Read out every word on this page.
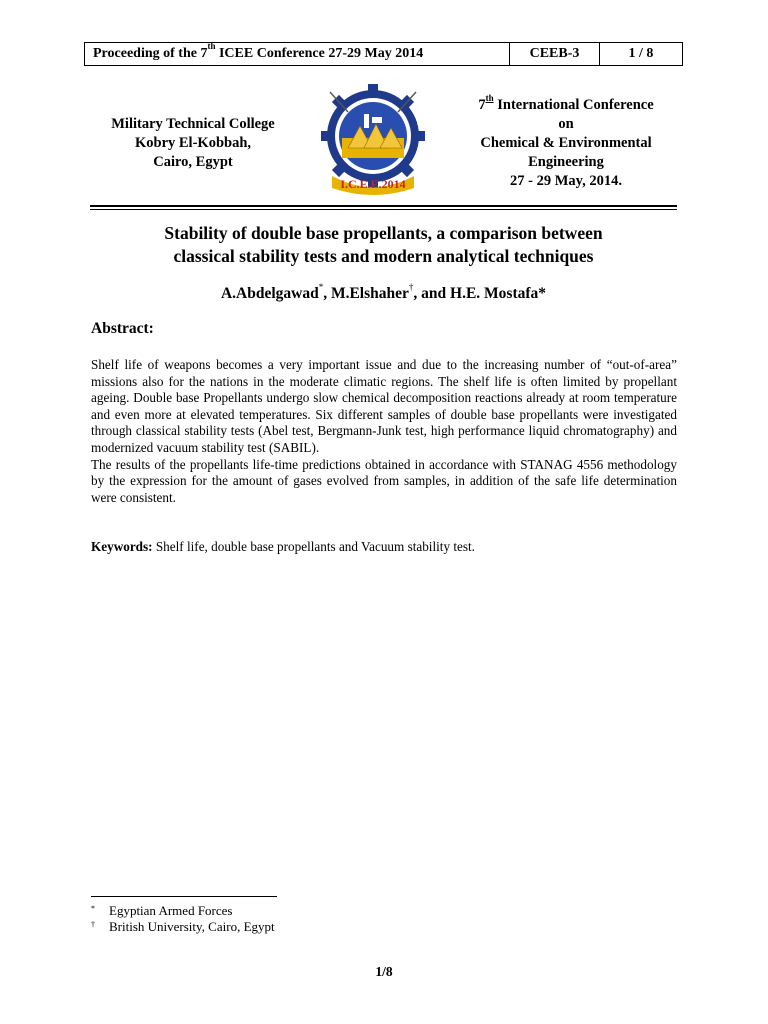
Proceeding of the 7th ICEE Conference 27-29 May 2014	CEEB-3	1 / 8
Military Technical College
Kobry El-Kobbah,
Cairo, Egypt
I.C.E.E.2014
7th International Conference
on
Chemical & Environmental
Engineering
27 - 29 May, 2014.
Stability of double base propellants, a comparison between
classical stability tests and modern analytical techniques
A.Abdelgawad*, M.Elshaher†, and H.E. Mostafa*
Abstract:

Shelf life of weapons becomes a very important issue and due to the increasing number of “out-of-area” missions also for the nations in the moderate climatic regions. The shelf life is often limited by propellant ageing. Double base Propellants undergo slow chemical decomposition reactions already at room temperature and even more at elevated temperatures. Six different samples of double base propellants were investigated through classical stability tests (Abel test, Bergmann-Junk test, high performance liquid chromatography) and modernized vacuum stability test (SABIL).

The results of the propellants life-time predictions obtained in accordance with STANAG 4556 methodology by the expression for the amount of gases evolved from samples, in addition of the safe life determination were consistent.

Keywords: Shelf life, double base propellants and Vacuum stability test.
* Egyptian Armed Forces
† British University, Cairo, Egypt
1/8
